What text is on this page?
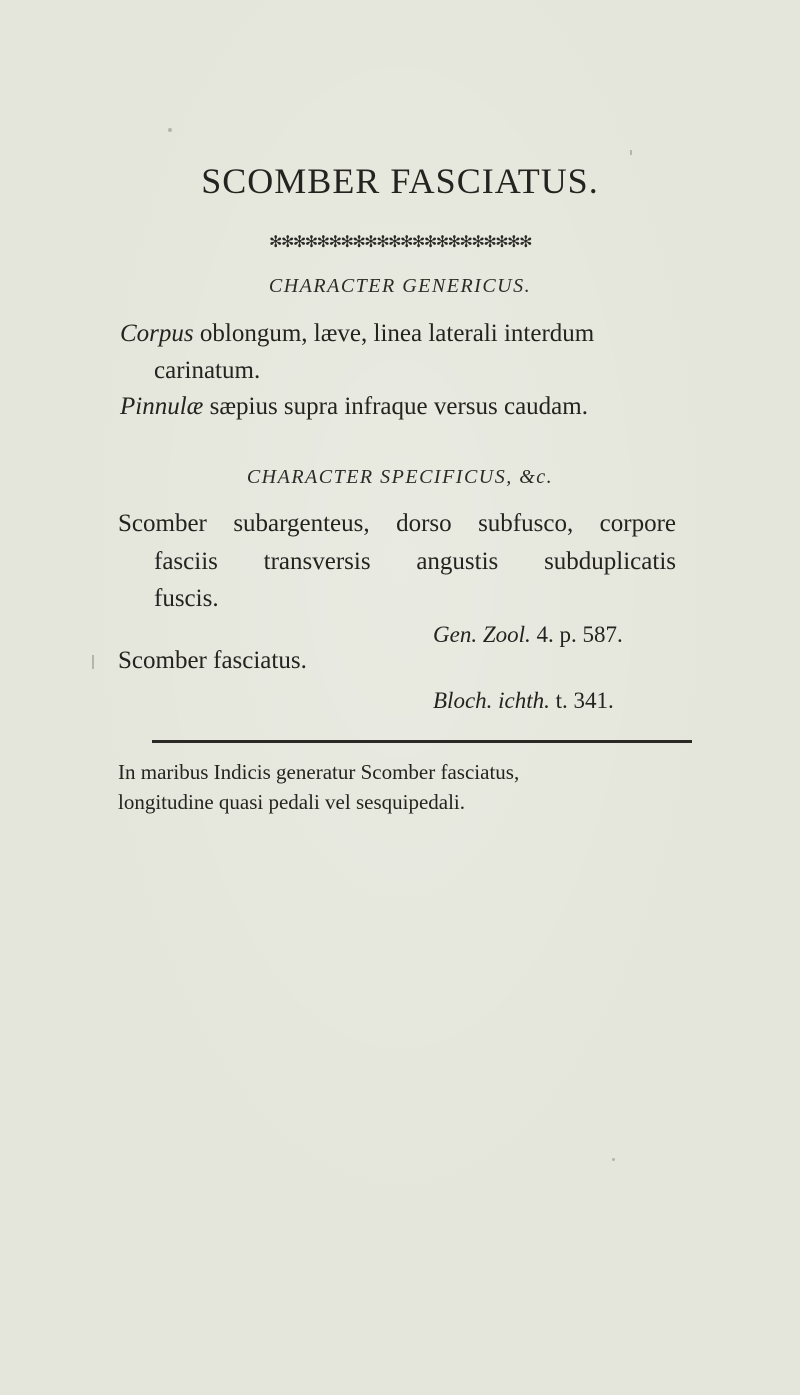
SCOMBER FASCIATUS.
✻✻✻✻✻✻✻✻✻✻✻✻✻✻✻✻✻✻✻✻✻✻
CHARACTER GENERICUS.
Corpus oblongum, læve, linea laterali interdum
carinatum.
Pinnulæ sæpius supra infraque versus caudam.
CHARACTER SPECIFICUS, &c.
Scomber subargenteus, dorso subfusco, corpore
fasciis transversis angustis subduplicatis
fuscis.
Gen. Zool. 4. p. 587.
Scomber fasciatus.
Bloch. ichth. t. 341.
In maribus Indicis generatur Scomber fasciatus,
longitudine quasi pedali vel sesquipedali.
